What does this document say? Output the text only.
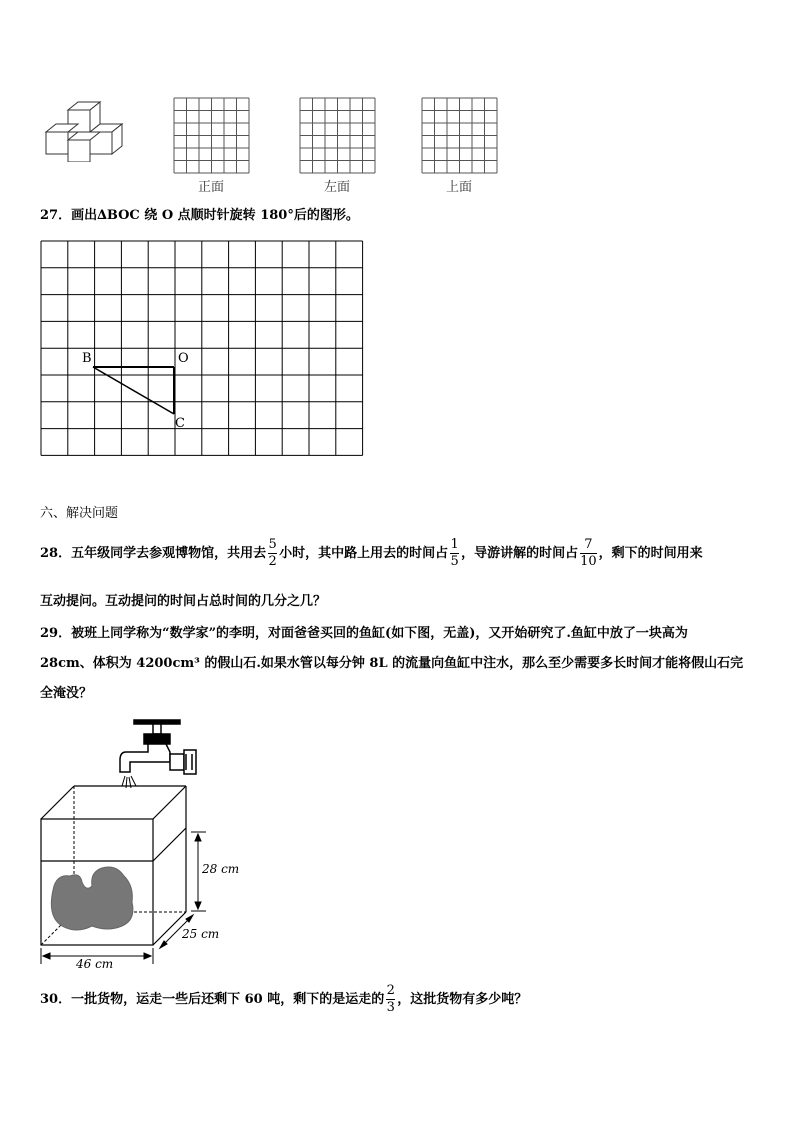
正面	左面	上面
27．画出∆BOC 绕 O 点顺时针旋转 180°后的图形。
B	O
C
六、解决问题
28．五年级同学去参观博物馆，共用去 $\frac{5}{2}$ 小时，其中路上用去的时间占 $\frac{1}{5}$ ，导游讲解的时间占 $\frac{7}{10}$ ，剩下的时间用来
互动提问。互动提问的时间占总时间的几分之几？
29．被班上同学称为“数学家”的李明，对面爸爸买回的鱼缸(如下图，无盖)，又开始研究了.鱼缸中放了一块高为
28cm、体积为 4200cm³ 的假山石.如果水管以每分钟 8L 的流量向鱼缸中注水，那么至少需要多长时间才能将假山石完
全淹没？
28 cm
25 cm
46 cm
30．一批货物，运走一些后还剩下 60 吨，剩下的是运走的 $\frac{2}{3}$ ，这批货物有多少吨？
